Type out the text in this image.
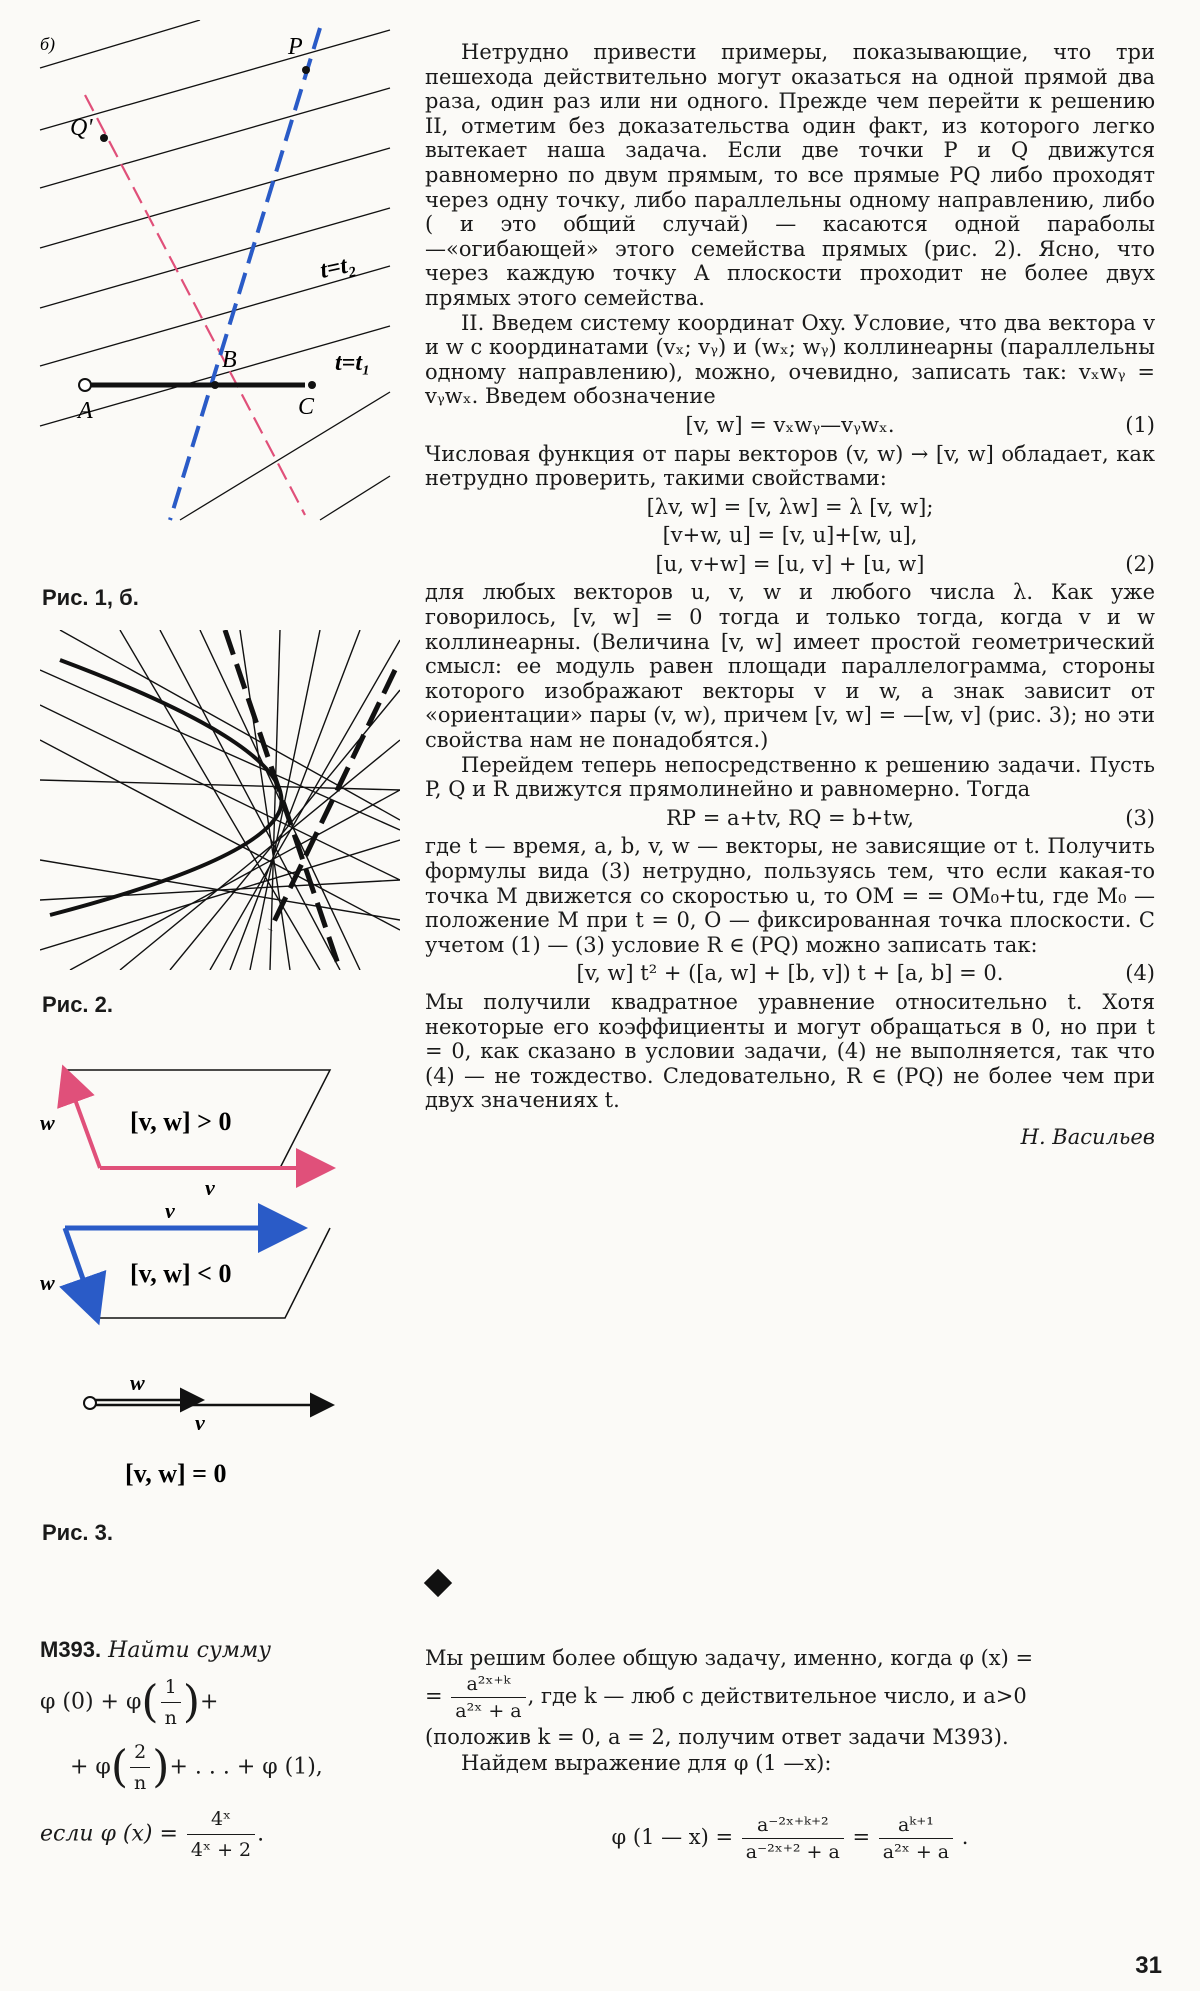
б)	P
Q'
A
B
C
t=t₂
t=t₁
Рис. 1, б.
Рис. 2.
w
v
[v, w] > 0
v
w	[v, w] < 0
w
v
[v, w] = 0
Рис. 3.

Нетрудно привести примеры, показывающие, что три пешехода действительно могут оказаться на одной прямой два раза, один раз или ни одного. Прежде чем перейти к решению II, отметим без доказательства один факт, из которого легко вытекает наша задача. Если две точки P и Q движутся равномерно по двум прямым, то все прямые PQ либо проходят через одну точку, либо параллельны одному направлению, либо ( и это общий случай) — касаются одной параболы —«огибающей» этого семейства прямых (рис. 2). Ясно, что через каждую точку A плоскости проходит не более двух прямых этого семейства.

II. Введем систему координат Oxy. Условие, что два вектора v и w с координатами (vₓ; vᵧ) и (wₓ; wᵧ) коллинеарны (параллельны одному направлению), можно, очевидно, записать так: vₓwᵧ = vᵧwₓ. Введем обозначение

[v, w] = vₓwᵧ—vᵧwₓ.	(1)

Числовая функция от пары векторов (v, w) → [v, w] обладает, как нетрудно проверить, такими свойствами:

[λv, w] = [v, λw] = λ [v, w];
[v+w, u] = [v, u]+[w, u],
[u, v+w] = [u, v] + [u, w]	(2)

для любых векторов u, v, w и любого числа λ. Как уже говорилось, [v, w] = 0 тогда и только тогда, когда v и w коллинеарны. (Величина [v, w] имеет простой геометрический смысл: ее модуль равен площади параллелограмма, стороны которого изображают векторы v и w, а знак зависит от «ориентации» пары (v, w), причем [v, w] = —[w, v] (рис. 3); но эти свойства нам не понадобятся.)

Перейдем теперь непосредственно к решению задачи. Пусть P, Q и R движутся прямолинейно и равномерно. Тогда

RP = a+tv, RQ = b+tw,	(3)

где t — время, a, b, v, w — векторы, не зависящие от t. Получить формулы вида (3) нетрудно, пользуясь тем, что если какая-то точка M движется со скоростью u, то OM = = OM₀+tu, где M₀ — положение M при t = 0, O — фиксированная точка плоскости. С учетом (1) — (3) условие R ∈ (PQ) можно записать так:

[v, w] t² + ([a, w] + [b, v]) t + [a, b] = 0.	(4)

Мы получили квадратное уравнение относительно t. Хотя некоторые его коэффициенты и могут обращаться в 0, но при t = 0, как сказано в условии задачи, (4) не выполняется, так что (4) — не тождество. Следовательно, R ∈ (PQ) не более чем при двух значениях t.

Н. Васильев
М393. Найти сумму
φ $(0) + \varphi( \frac{1}{n}$ )+
+ $\varphi( \frac{2}{n}$ )+ . . . + φ (1),
если φ $(x) = \frac{\text{4ˣ}}{\text{4ˣ + 2}}$ .

Мы решим более общую задачу, именно, когда φ (x) =

= $\frac{\text{a²ˣ⁺ᵏ}}{\text{a²ˣ + a}}$ , где k — люб с действительное число, и a>0

(положив k = 0, a = 2, получим ответ задачи М393).

Найдем выражение для φ (1 —x):

φ (1 — $x) = \frac{\text{a⁻²ˣ⁺ᵏ⁺²}}{\text{a⁻²ˣ⁺² + a}} = \frac{\text{aᵏ⁺¹}}{\text{a²ˣ + a}}$ .
31
